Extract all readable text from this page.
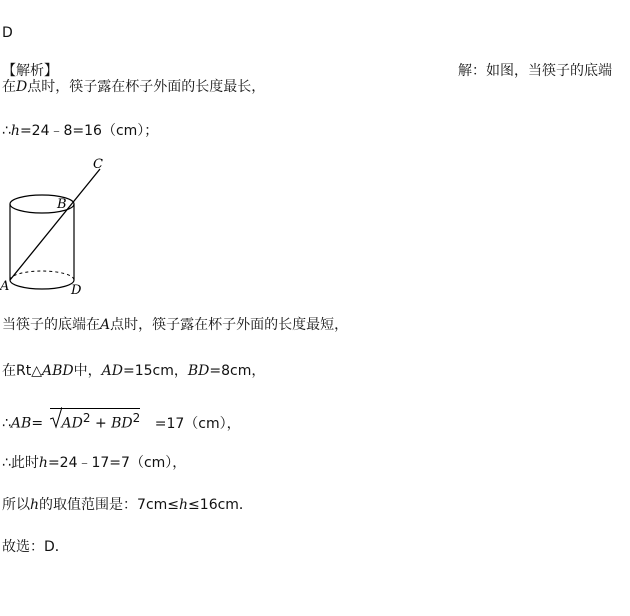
D
【解析】	解：如图，当筷子的底端
在D点时，筷子露在杯子外面的长度最长，
∴h=24﹣8=16（cm）；
A
B
C
D
当筷子的底端在A点时，筷子露在杯子外面的长度最短，
在Rt△ABD中，AD=15cm，BD=8cm，
∴AB= $AD^2 + BD^2 =17(cm)$，
∴此时h=24﹣17=7（cm），
所以h的取值范围是：7cm≤h≤16cm．
故选：D．
